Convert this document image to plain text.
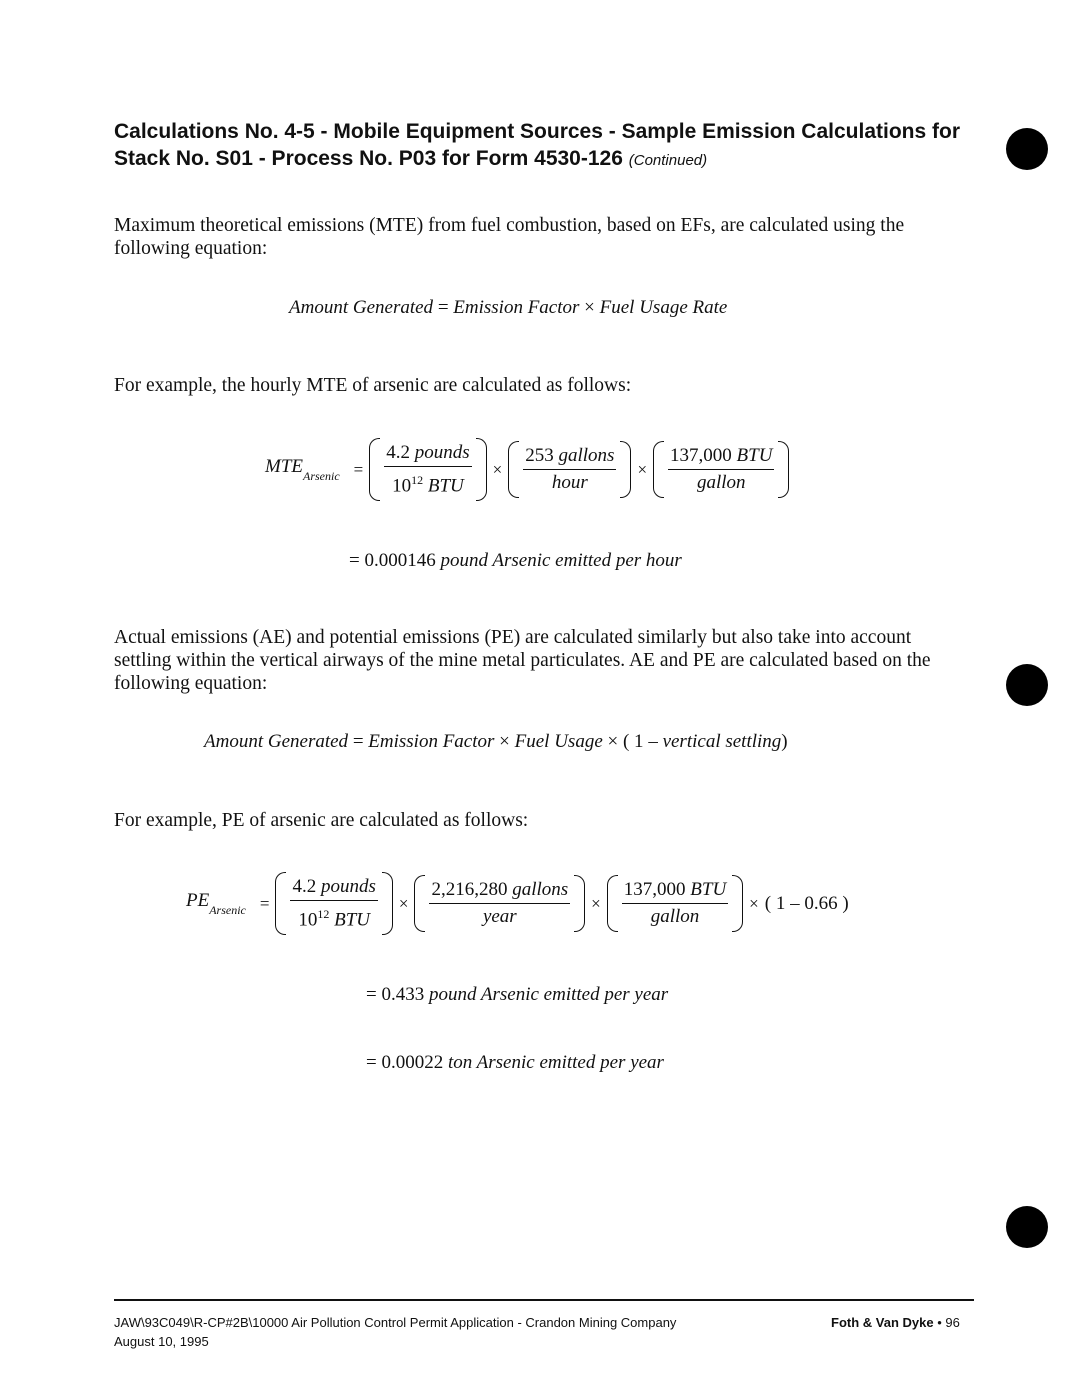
Calculations No. 4-5 - Mobile Equipment Sources - Sample Emission Calculations for
Stack No. S01 - Process No. P03 for Form 4530-126 (Continued)
Maximum theoretical emissions (MTE) from fuel combustion, based on EFs, are calculated using the following equation:
Amount Generated = Emission Factor × Fuel Usage Rate
For example, the hourly MTE of arsenic are calculated as follows:
$MTE_{Arsenic} = \frac{\text{4.2 pounds}}{10^{12} BTU} \times \frac{\text{253 gallons}}{\text{hour}} \times \frac{\text{137,000 BTU}}{\text{gallon}}$
= 0.000146 pound Arsenic emitted per hour
Actual emissions (AE) and potential emissions (PE) are calculated similarly but also take into account settling within the vertical airways of the mine metal particulates. AE and PE are calculated based on the following equation:
Amount Generated = Emission Factor × Fuel Usage × ( 1 – vertical settling)
For example, PE of arsenic are calculated as follows:
$PE_{Arsenic} = \frac{\text{4.2 pounds}}{10^{12} BTU} \times \frac{\text{2,216,280 gallons}}{\text{year}} \times \frac{\text{137,000 BTU}}{\text{gallon}}$ × ( 1 – 0.66 )
= 0.433 pound Arsenic emitted per year
= 0.00022 ton Arsenic emitted per year
JAW\93C049\R-CP#2B\10000 Air Pollution Control Permit Application - Crandon Mining Company
August 10, 1995
Foth & Van Dyke • 96
